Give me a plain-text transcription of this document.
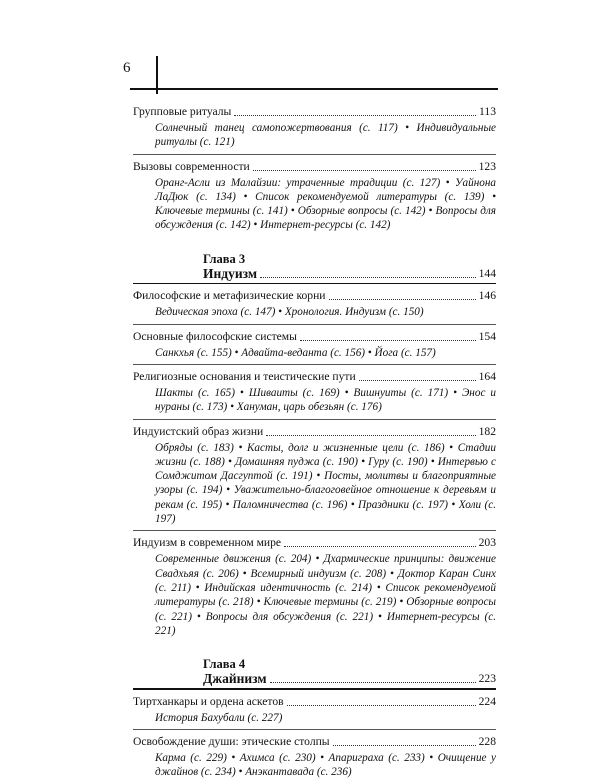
6
Групповые ритуалы	113
Солнечный танец самопожертвования (с. 117) • Индивидуальные ритуалы (с. 121)
Вызовы современности	123
Оранг-Асли из Малайзии: утраченные традиции (с. 127) • Уайнона ЛаДюк (с. 134) • Список рекомендуемой литературы (с. 139) • Ключевые термины (с. 141) • Обзорные вопросы (с. 142) • Вопросы для обсуждения (с. 142) • Интернет-ресурсы (с. 142)
Глава 3
Индуизм	144
Философские и метафизические корни	146
Ведическая эпоха (с. 147) • Хронология. Индуизм (с. 150)
Основные философские системы	154
Санкхья (с. 155) • Адвайта-веданта (с. 156) • Йога (с. 157)
Религиозные основания и теистические пути	164
Шакты (с. 165) • Шиваиты (с. 169) • Вишнуиты (с. 171) • Энос и нураны (с. 173) • Хануман, царь обезьян (с. 176)
Индуистский образ жизни	182
Обряды (с. 183) • Касты, долг и жизненные цели (с. 186) • Стадии жизни (с. 188) • Домашняя пуджа (с. 190) • Гуру (с. 190) • Интервью с Сомджитом Дасгуптой (с. 191) • Посты, молитвы и благоприятные узоры (с. 194) • Уважительно-благоговейное отношение к деревьям и рекам (с. 195) • Паломничества (с. 196) • Праздники (с. 197) • Холи (с. 197)
Индуизм в современном мире	203
Современные движения (с. 204) • Дхармические принципы: движение Свадхьяя (с. 206) • Всемирный индуизм (с. 208) • Доктор Каран Синх (с. 211) • Индийская идентичность (с. 214) • Список рекомендуемой литературы (с. 218) • Ключевые термины (с. 219) • Обзорные вопросы (с. 221) • Вопросы для обсуждения (с. 221) • Интернет-ресурсы (с. 221)
Глава 4
Джайнизм	223
Тиртханкары и ордена аскетов	224
История Бахубали (с. 227)
Освобождение души: этические столпы	228
Карма (с. 229) • Ахимса (с. 230) • Апариграха (с. 233) • Очищение у джайнов (с. 234) • Анэкантавада (с. 236)
